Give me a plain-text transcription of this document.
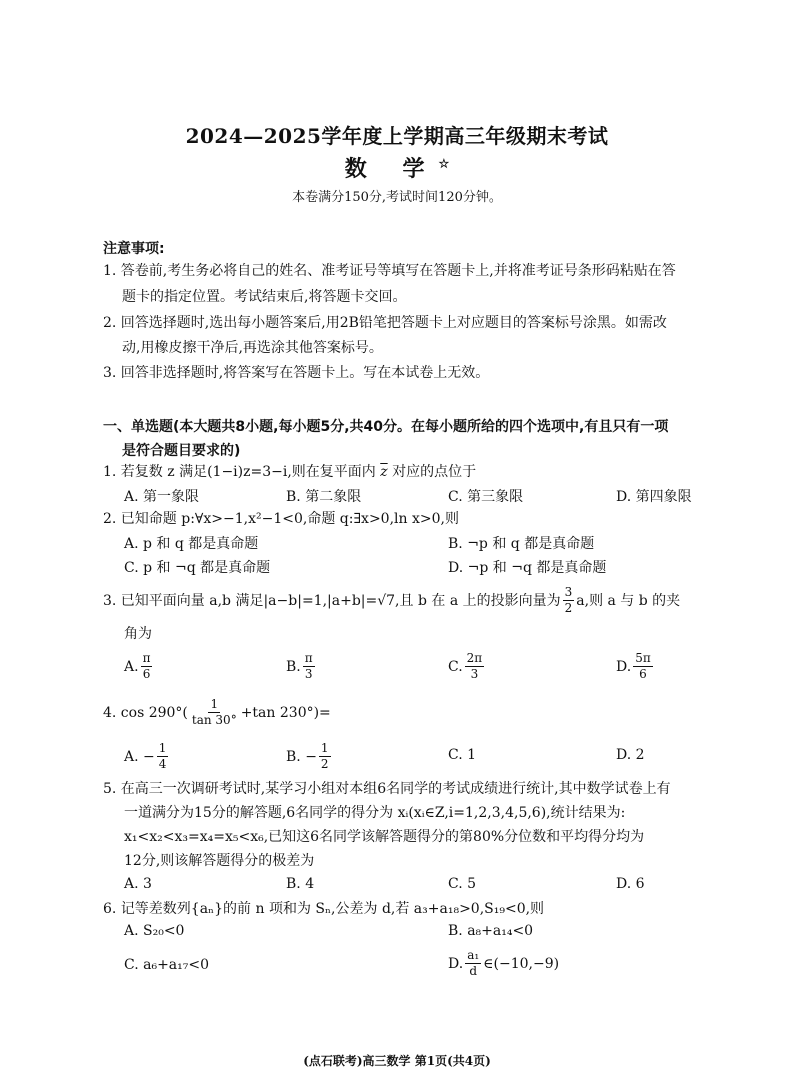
2024—2025学年度上学期高三年级期末考试
数 学☆
本卷满分150分,考试时间120分钟。
注意事项:
1. 答卷前,考生务必将自己的姓名、准考证号等填写在答题卡上,并将准考证号条形码粘贴在答
题卡的指定位置。考试结束后,将答题卡交回。
2. 回答选择题时,选出每小题答案后,用2B铅笔把答题卡上对应题目的答案标号涂黑。如需改
动,用橡皮擦干净后,再选涂其他答案标号。
3. 回答非选择题时,将答案写在答题卡上。写在本试卷上无效。
一、单选题(本大题共8小题,每小题5分,共40分。在每小题所给的四个选项中,有且只有一项
是符合题目要求的)
1. 若复数 z 满足(1−i)z=3−i,则在复平面内 $\overline{z}$ 对应的点位于
A. 第一象限	B. 第二象限	C. 第三象限	D. 第四象限
2. 已知命题 p:∀x>−1,x²−1<0,命题 q:∃x>0,ln x>0,则
A. p 和 q 都是真命题	B. ¬p 和 q 都是真命题
C. p 和 ¬q 都是真命题	D. ¬p 和 ¬q 都是真命题
3. 已知平面向量 a,b 满足|a−b|=1,|a+b|=√7,且 b 在 a 上的投影向量为 $\frac{3}{2} a$,则 a 与 b 的夹
角为
A. $\frac{\pi}{6}$	B. $\frac{\pi}{3}$	C. $\frac{2\pi}{3}$	D. $\frac{5\pi}{6}$
4. $\cos 290^\circ( \frac{1}{\tan 30^\circ} +\tan$ 230°)=
A. − $\frac{1}{4}$	B. − $\frac{1}{2}$	C. 1	D. 2
5. 在高三一次调研考试时,某学习小组对本组6名同学的考试成绩进行统计,其中数学试卷上有
一道满分为15分的解答题,6名同学的得分为 xᵢ(xᵢ∈Z,i=1,2,3,4,5,6),统计结果为:
x₁<x₂<x₃=x₄=x₅<x₆,已知这6名同学该解答题得分的第80%分位数和平均得分均为
12分,则该解答题得分的极差为
A. 3	B. 4	C. 5	D. 6
6. 记等差数列{aₙ}的前 n 项和为 Sₙ,公差为 d,若 a₃+a₁₈>0,S₁₉<0,则
A. S₂₀<0	B. a₈+a₁₄<0
C. a₆+a₁₇<0	D. $\frac{\text{a₁}}{d}$ ∈(−10,−9)
(点石联考)高三数学 第1页(共4页)
